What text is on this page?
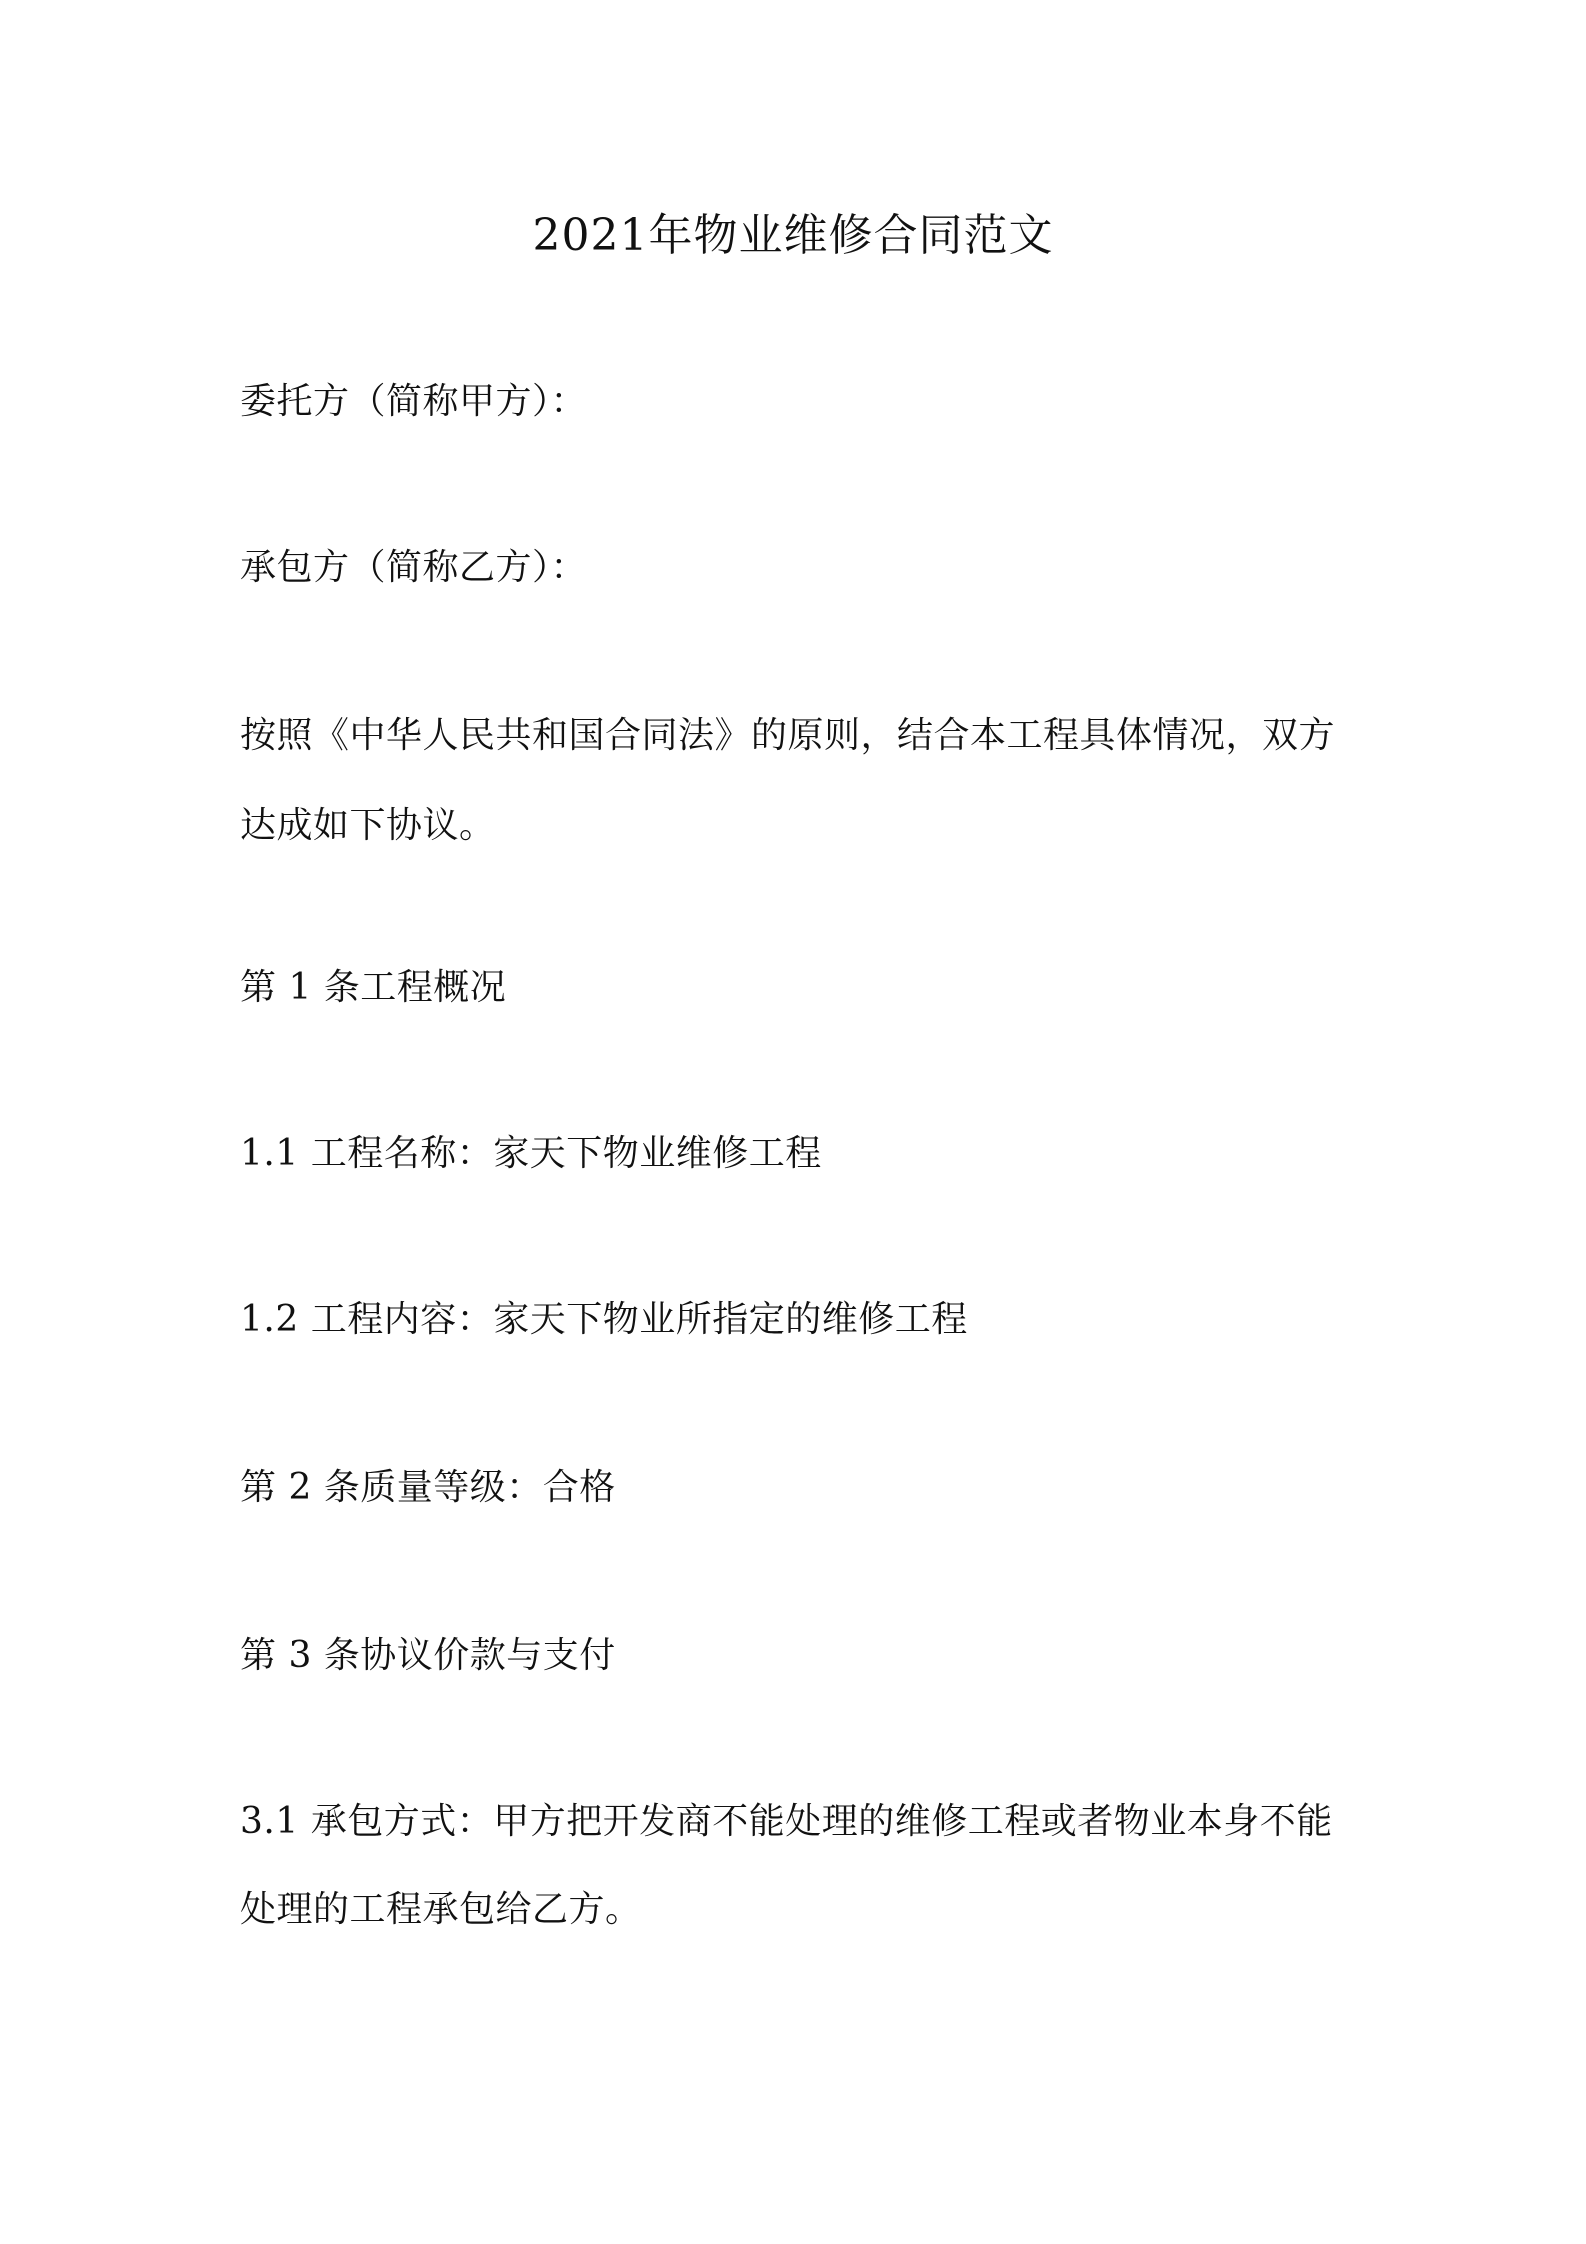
2021年物业维修合同范文
委托方（简称甲方）：
承包方（简称乙方）：
按照《中华人民共和国合同法》的原则，结合本工程具体情况，双方
达成如下协议。
第 1 条工程概况
1.1 工程名称：家天下物业维修工程
1.2 工程内容：家天下物业所指定的维修工程
第 2 条质量等级：合格
第 3 条协议价款与支付
3.1 承包方式：甲方把开发商不能处理的维修工程或者物业本身不能
处理的工程承包给乙方。
